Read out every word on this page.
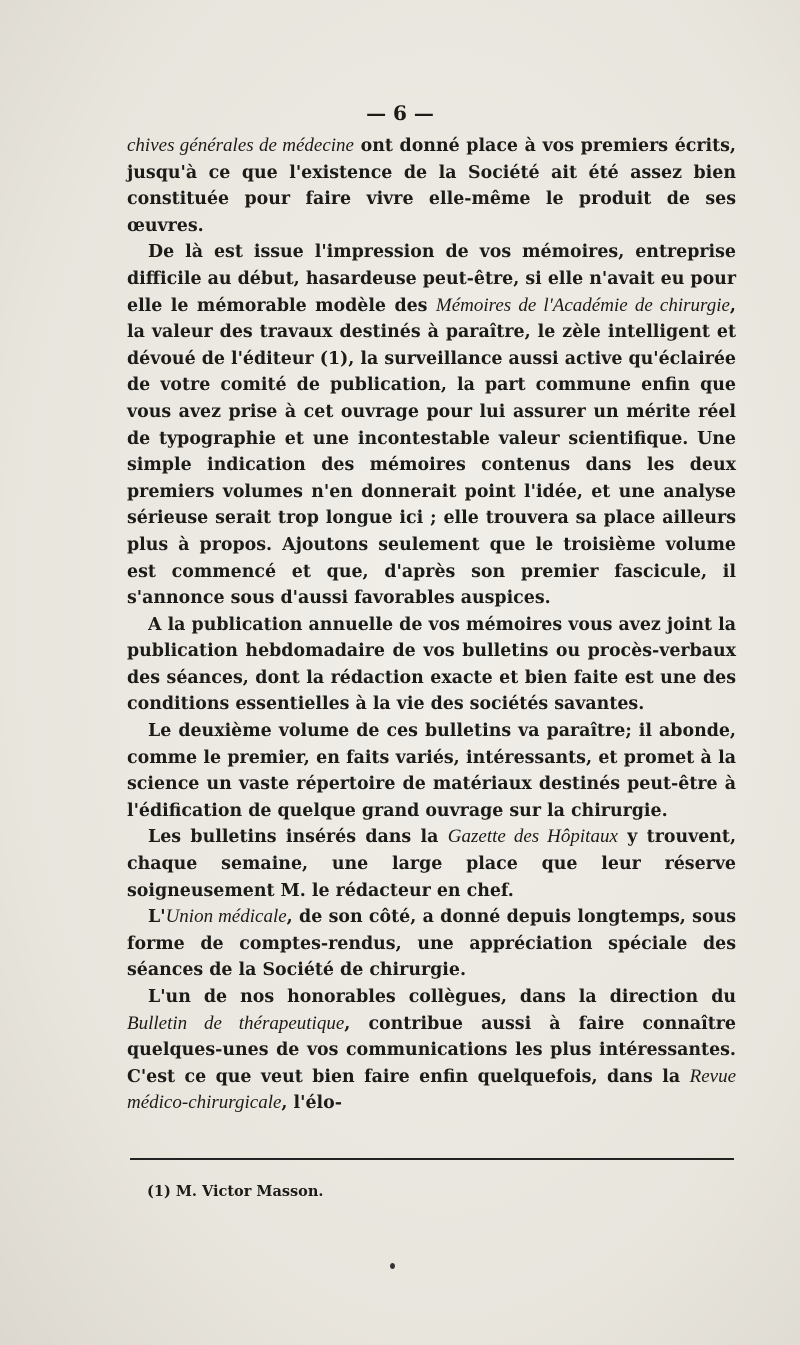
— 6 —

chives générales de médecine ont donné place à vos premiers écrits, jusqu'à ce que l'existence de la Société ait été assez bien constituée pour faire vivre elle-même le produit de ses œuvres.

De là est issue l'impression de vos mémoires, entreprise difficile au début, hasardeuse peut-être, si elle n'avait eu pour elle le mémorable modèle des Mémoires de l'Académie de chirurgie, la valeur des travaux destinés à paraître, le zèle intelligent et dévoué de l'éditeur (1), la surveillance aussi active qu'éclairée de votre comité de publication, la part commune enfin que vous avez prise à cet ouvrage pour lui assurer un mérite réel de typographie et une incontestable valeur scientifique. Une simple indication des mémoires contenus dans les deux premiers volumes n'en donnerait point l'idée, et une analyse sérieuse serait trop longue ici ; elle trouvera sa place ailleurs plus à propos. Ajoutons seulement que le troisième volume est commencé et que, d'après son premier fascicule, il s'annonce sous d'aussi favorables auspices.

A la publication annuelle de vos mémoires vous avez joint la publication hebdomadaire de vos bulletins ou procès-verbaux des séances, dont la rédaction exacte et bien faite est une des conditions essentielles à la vie des sociétés savantes.

Le deuxième volume de ces bulletins va paraître; il abonde, comme le premier, en faits variés, intéressants, et promet à la science un vaste répertoire de matériaux destinés peut-être à l'édification de quelque grand ouvrage sur la chirurgie.

Les bulletins insérés dans la Gazette des Hôpitaux y trouvent, chaque semaine, une large place que leur réserve soigneusement M. le rédacteur en chef.

L'Union médicale, de son côté, a donné depuis longtemps, sous forme de comptes-rendus, une appréciation spéciale des séances de la Société de chirurgie.

L'un de nos honorables collègues, dans la direction du Bulletin de thérapeutique, contribue aussi à faire connaître quelques-unes de vos communications les plus intéressantes. C'est ce que veut bien faire enfin quelquefois, dans la Revue médico-chirurgicale, l'élo-

(1) M. Victor Masson.
